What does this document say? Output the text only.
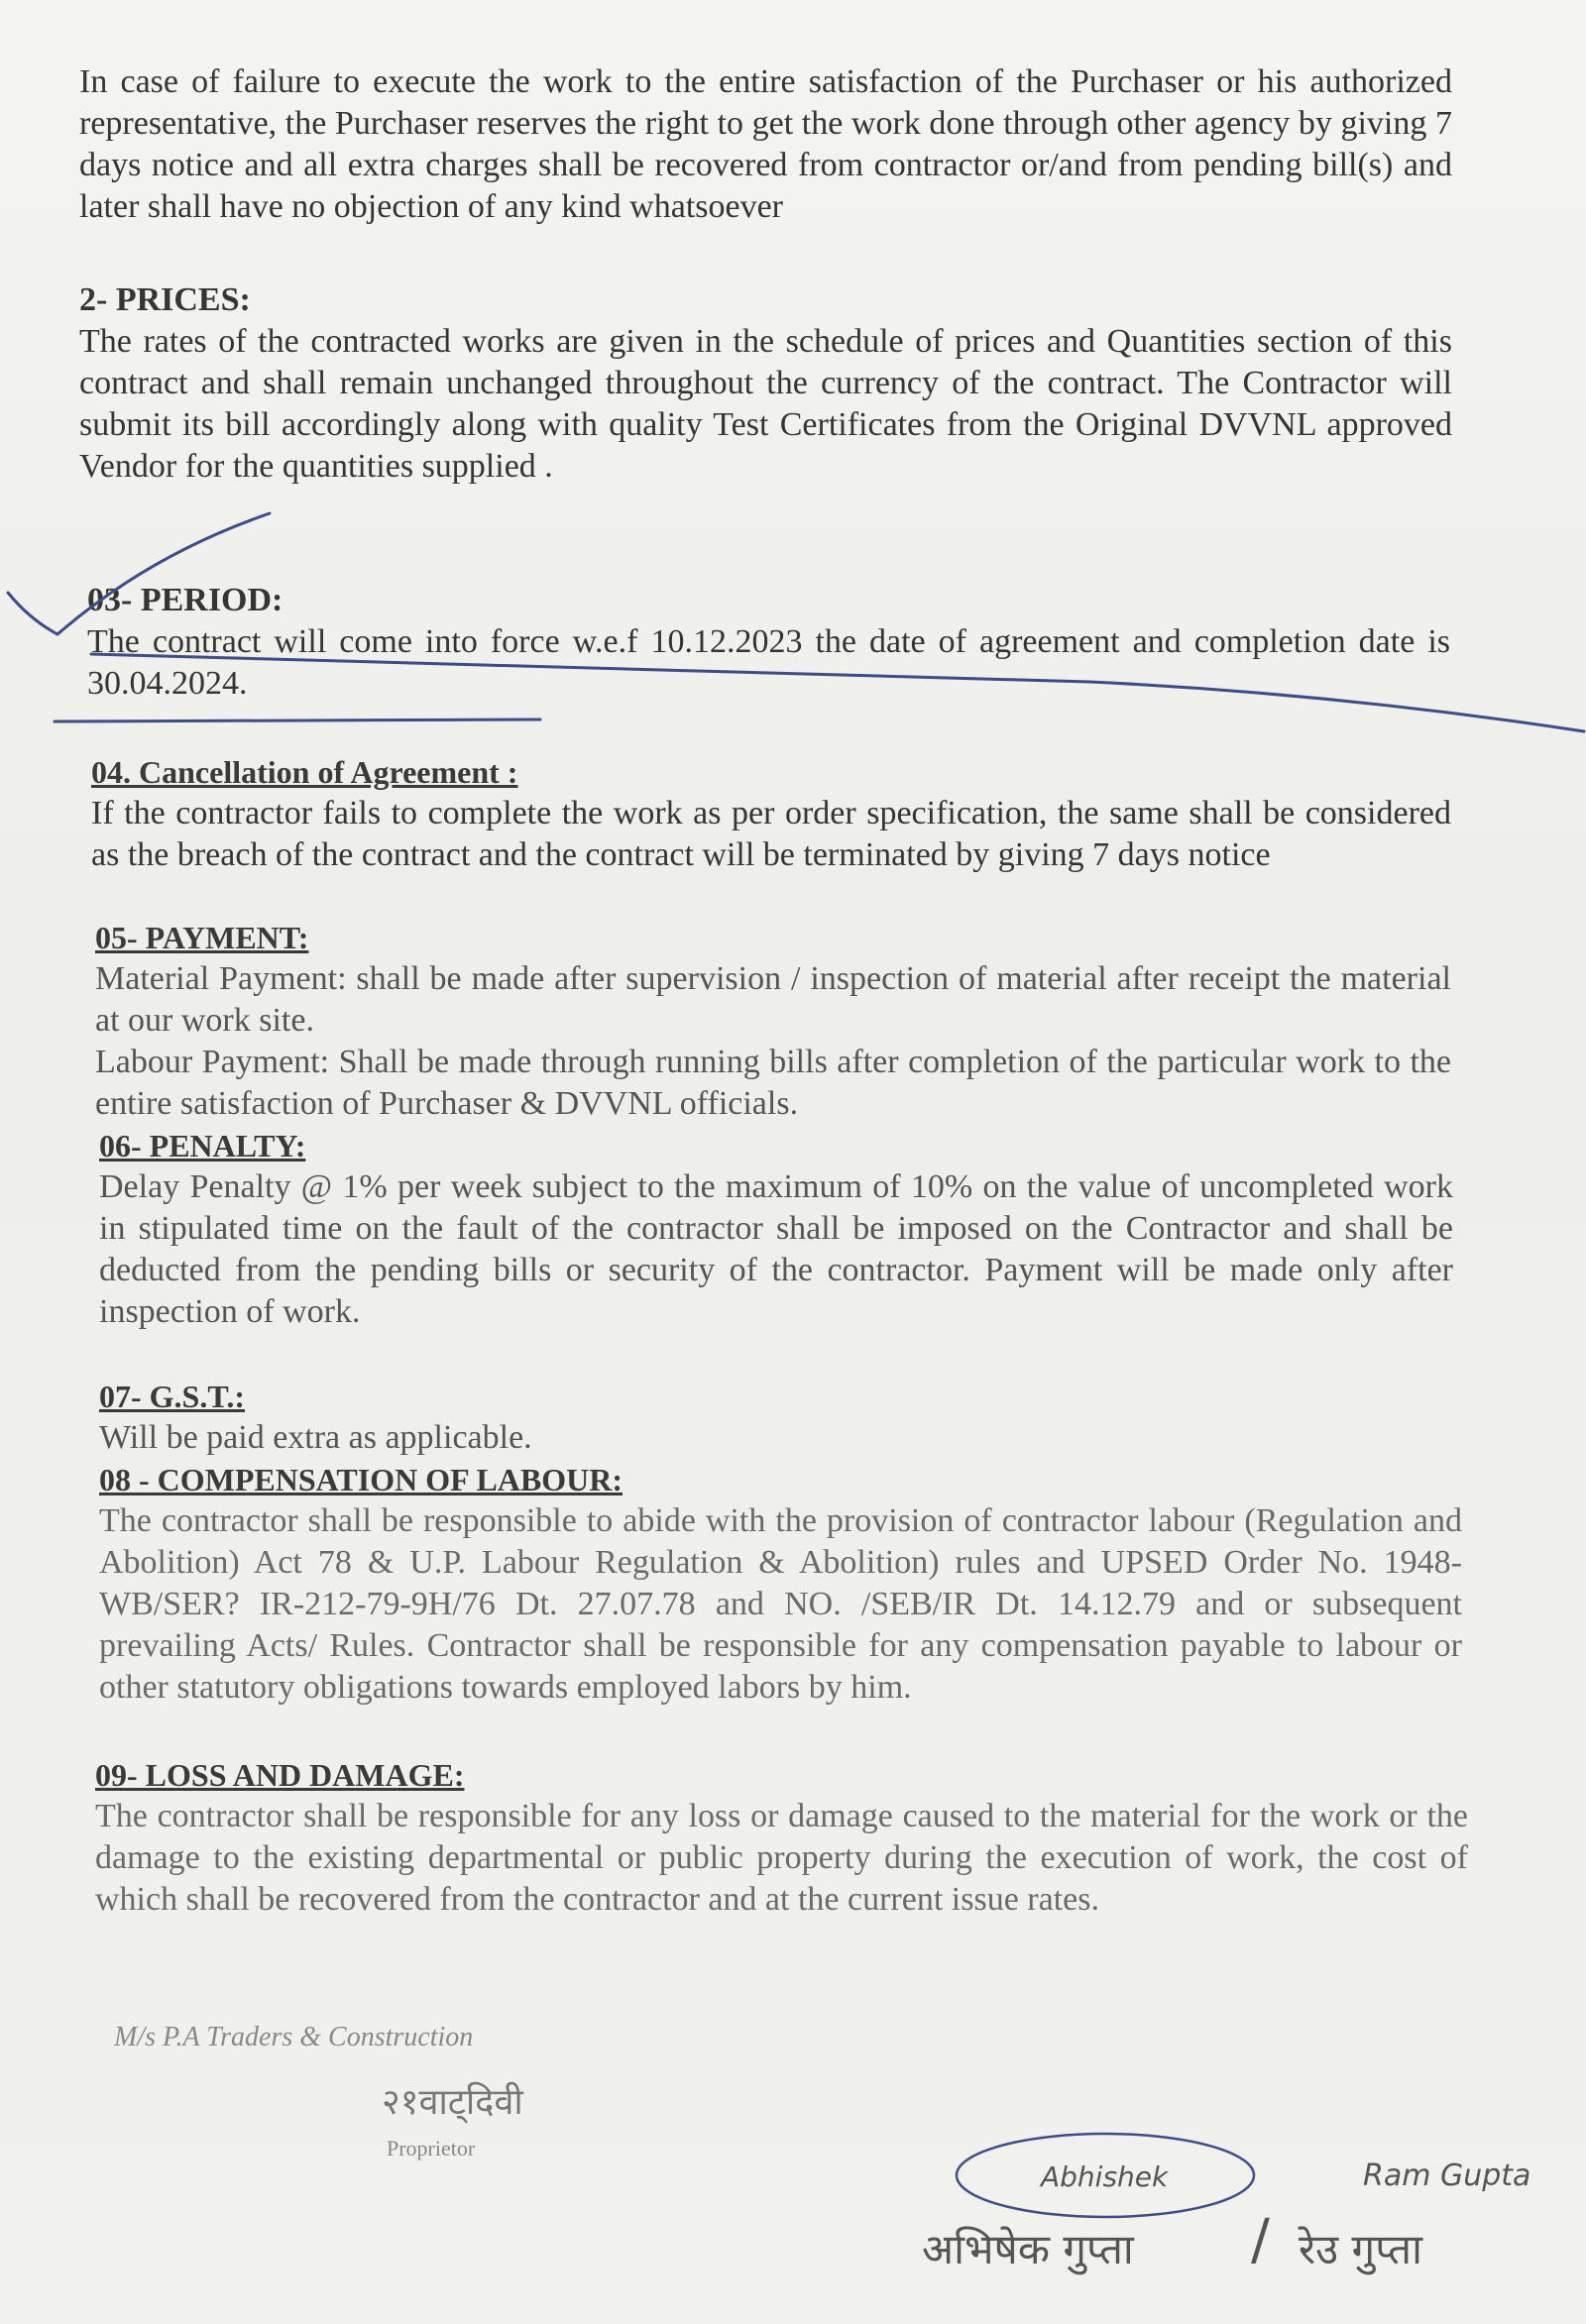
In case of failure to execute the work to the entire satisfaction of the Purchaser or his authorized representative, the Purchaser reserves the right to get the work done through other agency by giving 7 days notice and all extra charges shall be recovered from contractor or/and from pending bill(s) and later shall have no objection of any kind whatsoever

2- PRICES:

The rates of the contracted works are given in the schedule of prices and Quantities section of this contract and shall remain unchanged throughout the currency of the contract. The Contractor will submit its bill accordingly along with quality Test Certificates from the Original DVVNL approved Vendor for the quantities supplied .

03- PERIOD:

The contract will come into force w.e.f 10.12.2023 the date of agreement and completion date is 30.04.2024.

04. Cancellation of Agreement :

If the contractor fails to complete the work as per order specification, the same shall be considered as the breach of the contract and the contract will be terminated by giving 7 days notice

05- PAYMENT:

Material Payment: shall be made after supervision / inspection of material after receipt the material at our work site.

Labour Payment: Shall be made through running bills after completion of the particular work to the entire satisfaction of Purchaser & DVVNL officials.

06- PENALTY:

Delay Penalty @ 1% per week subject to the maximum of 10% on the value of uncompleted work in stipulated time on the fault of the contractor shall be imposed on the Contractor and shall be deducted from the pending bills or security of the contractor. Payment will be made only after inspection of work.

07- G.S.T.:

Will be paid extra as applicable.

08 - COMPENSATION OF LABOUR:

The contractor shall be responsible to abide with the provision of contractor labour (Regulation and Abolition) Act 78 & U.P. Labour Regulation & Abolition) rules and UPSED Order No. 1948-WB/SER? IR-212-79-9H/76 Dt. 27.07.78 and NO. /SEB/IR Dt. 14.12.79 and or subsequent prevailing Acts/ Rules. Contractor shall be responsible for any compensation payable to labour or other statutory obligations towards employed labors by him.

09- LOSS AND DAMAGE:

The contractor shall be responsible for any loss or damage caused to the material for the work or the damage to the existing departmental or public property during the execution of work, the cost of which shall be recovered from the contractor and at the current issue rates.

M/s P.A Traders & Construction
२१वाट्दिवी
Proprietor
Abhishek	Ram Gupta
अभिषेक गुप्ता / रेउ गुप्ता
